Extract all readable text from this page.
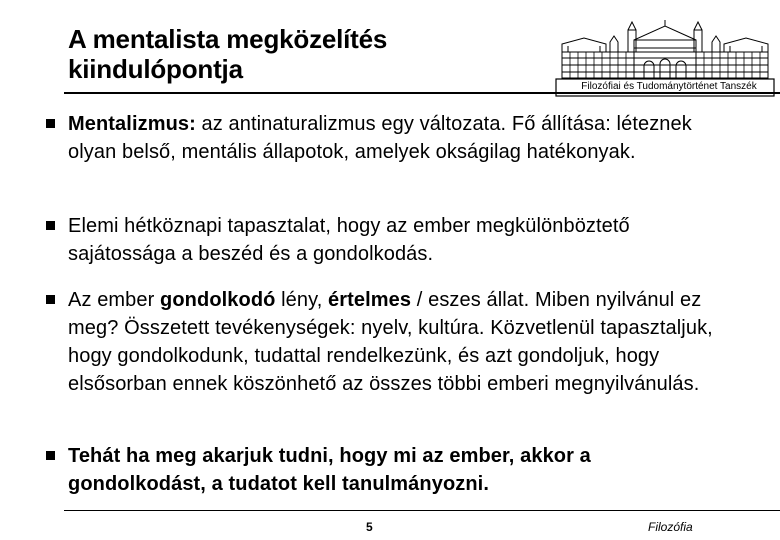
A mentalista megközelítés
kiindulópontja
Filozófiai és Tudománytörténet Tanszék
Mentalizmus: az antinaturalizmus egy változata. Fő állítása: léteznek olyan belső, mentális állapotok, amelyek okságilag hatékonyak.
Elemi hétköznapi tapasztalat, hogy az ember megkülönböztető sajátossága a beszéd és a gondolkodás.
Az ember gondolkodó lény, értelmes / eszes állat. Miben nyilvánul ez meg? Összetett tevékenységek: nyelv, kultúra. Közvetlenül tapasztaljuk, hogy gondolkodunk, tudattal rendelkezünk, és azt gondoljuk, hogy elsősorban ennek köszönhető az összes többi emberi megnyilvánulás.
Tehát ha meg akarjuk tudni, hogy mi az ember, akkor a gondolkodást, a tudatot kell tanulmányozni.
5	Filozófia
